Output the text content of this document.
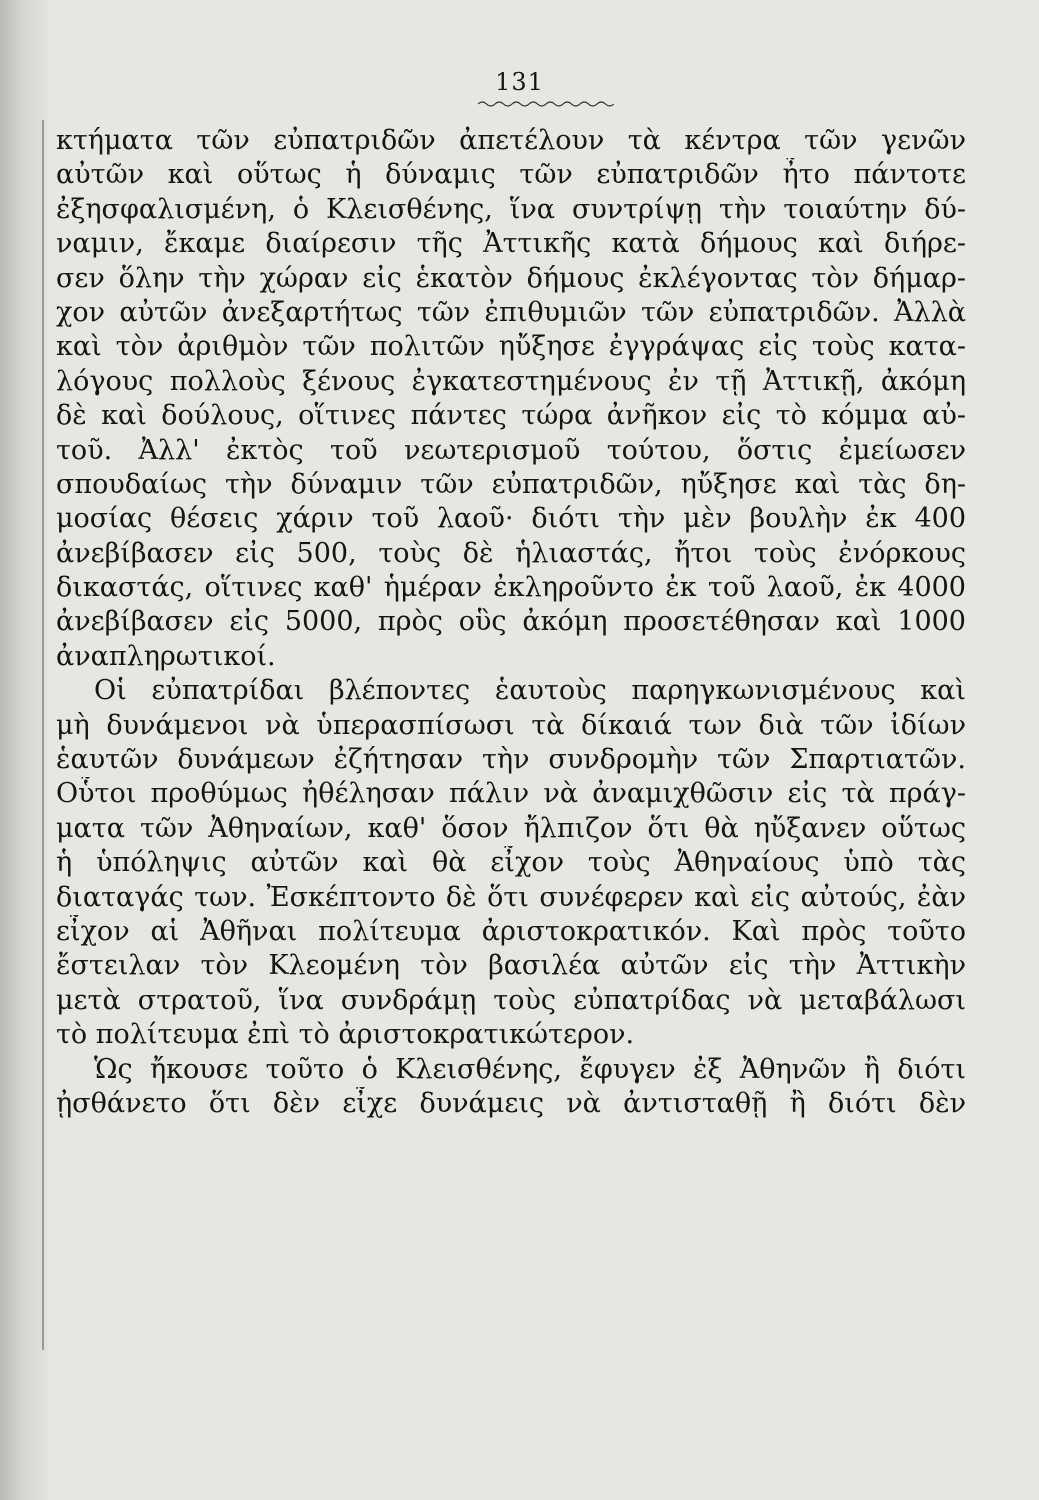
131
κτήματα τῶν εὐπατριδῶν ἀπετέλουν τὰ κέντρα τῶν γενῶν
αὐτῶν καὶ οὕτως ἡ δύναμις τῶν εὐπατριδῶν ἦτο πάντοτε
ἐξησφαλισμένη, ὁ Κλεισθένης, ἵνα συντρίψῃ τὴν τοιαύτην δύ-
ναμιν, ἔκαμε διαίρεσιν τῆς Ἀττικῆς κατὰ δήμους καὶ διήρε-
σεν ὅλην τὴν χώραν εἰς ἑκατὸν δήμους ἐκλέγοντας τὸν δήμαρ-
χον αὐτῶν ἀνεξαρτήτως τῶν ἐπιθυμιῶν τῶν εὐπατριδῶν. Ἀλλὰ
καὶ τὸν ἀριθμὸν τῶν πολιτῶν ηὔξησε ἐγγράψας εἰς τοὺς κατα-
λόγους πολλοὺς ξένους ἐγκατεστημένους ἐν τῇ Ἀττικῇ, ἀκόμη
δὲ καὶ δούλους, οἵτινες πάντες τώρα ἀνῆκον εἰς τὸ κόμμα αὐ-
τοῦ. Ἀλλ' ἐκτὸς τοῦ νεωτερισμοῦ τούτου, ὅστις ἐμείωσεν
σπουδαίως τὴν δύναμιν τῶν εὐπατριδῶν, ηὔξησε καὶ τὰς δη-
μοσίας θέσεις χάριν τοῦ λαοῦ· διότι τὴν μὲν βουλὴν ἐκ 400
ἀνεβίβασεν εἰς 500, τοὺς δὲ ἡλιαστάς, ἤτοι τοὺς ἐνόρκους
δικαστάς, οἵτινες καθ' ἡμέραν ἐκληροῦντο ἐκ τοῦ λαοῦ, ἐκ 4000
ἀνεβίβασεν εἰς 5000, πρὸς οὓς ἀκόμη προσετέθησαν καὶ 1000
ἀναπληρωτικοί.
Οἱ εὐπατρίδαι βλέποντες ἑαυτοὺς παρηγκωνισμένους καὶ
μὴ δυνάμενοι νὰ ὑπερασπίσωσι τὰ δίκαιά των διὰ τῶν ἰδίων
ἑαυτῶν δυνάμεων ἐζήτησαν τὴν συνδρομὴν τῶν Σπαρτιατῶν.
Οὗτοι προθύμως ἠθέλησαν πάλιν νὰ ἀναμιχθῶσιν εἰς τὰ πράγ-
ματα τῶν Ἀθηναίων, καθ' ὅσον ἤλπιζον ὅτι θὰ ηὔξανεν οὕτως
ἡ ὑπόληψις αὐτῶν καὶ θὰ εἶχον τοὺς Ἀθηναίους ὑπὸ τὰς
διαταγάς των. Ἐσκέπτοντο δὲ ὅτι συνέφερεν καὶ εἰς αὐτούς, ἐὰν
εἶχον αἱ Ἀθῆναι πολίτευμα ἀριστοκρατικόν. Καὶ πρὸς τοῦτο
ἔστειλαν τὸν Κλεομένη τὸν βασιλέα αὐτῶν εἰς τὴν Ἀττικὴν
μετὰ στρατοῦ, ἵνα συνδράμῃ τοὺς εὐπατρίδας νὰ μεταβάλωσι
τὸ πολίτευμα ἐπὶ τὸ ἀριστοκρατικώτερον.
Ὡς ἤκουσε τοῦτο ὁ Κλεισθένης, ἔφυγεν ἐξ Ἀθηνῶν ἢ διότι
ᾐσθάνετο ὅτι δὲν εἶχε δυνάμεις νὰ ἀντισταθῇ ἢ διότι δὲν
